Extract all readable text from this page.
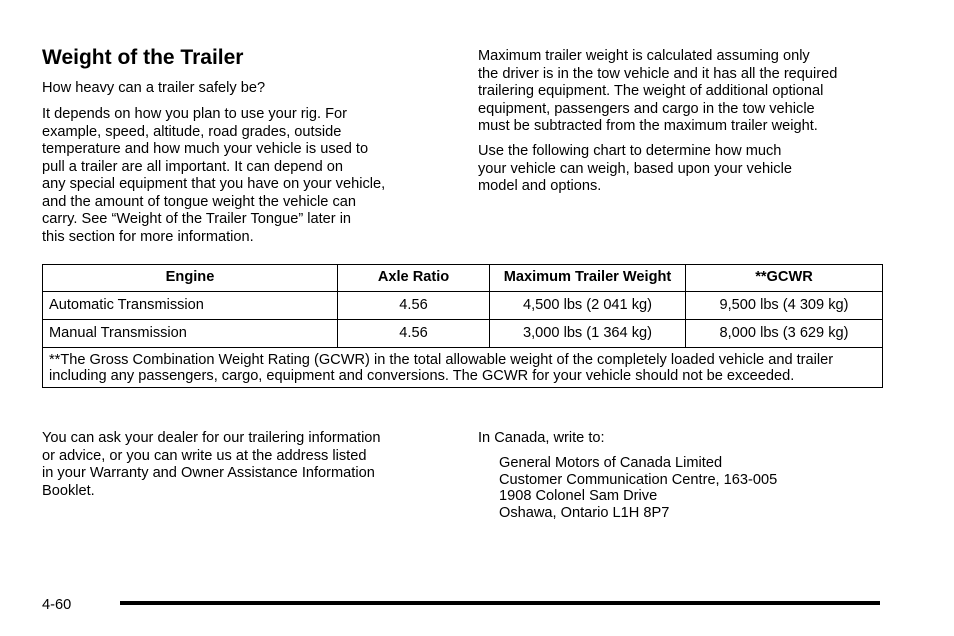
Weight of the Trailer

How heavy can a trailer safely be?

It depends on how you plan to use your rig. For
example, speed, altitude, road grades, outside
temperature and how much your vehicle is used to
pull a trailer are all important. It can depend on
any special equipment that you have on your vehicle,
and the amount of tongue weight the vehicle can
carry. See “Weight of the Trailer Tongue” later in
this section for more information.

Maximum trailer weight is calculated assuming only
the driver is in the tow vehicle and it has all the required
trailering equipment. The weight of additional optional
equipment, passengers and cargo in the tow vehicle
must be subtracted from the maximum trailer weight.

Use the following chart to determine how much
your vehicle can weigh, based upon your vehicle
model and options.

Engine	Axle Ratio	Maximum Trailer Weight	**GCWR
Automatic Transmission	4.56	4,500 lbs (2 041 kg)	9,500 lbs (4 309 kg)
Manual Transmission	4.56	3,000 lbs (1 364 kg)	8,000 lbs (3 629 kg)
**The Gross Combination Weight Rating (GCWR) in the total allowable weight of the completely loaded vehicle and trailer including any passengers, cargo, equipment and conversions. The GCWR for your vehicle should not be exceeded.			

You can ask your dealer for our trailering information
or advice, or you can write us at the address listed
in your Warranty and Owner Assistance Information
Booklet.

In Canada, write to:

General Motors of Canada Limited
Customer Communication Centre, 163-005
1908 Colonel Sam Drive
Oshawa, Ontario L1H 8P7
4-60
